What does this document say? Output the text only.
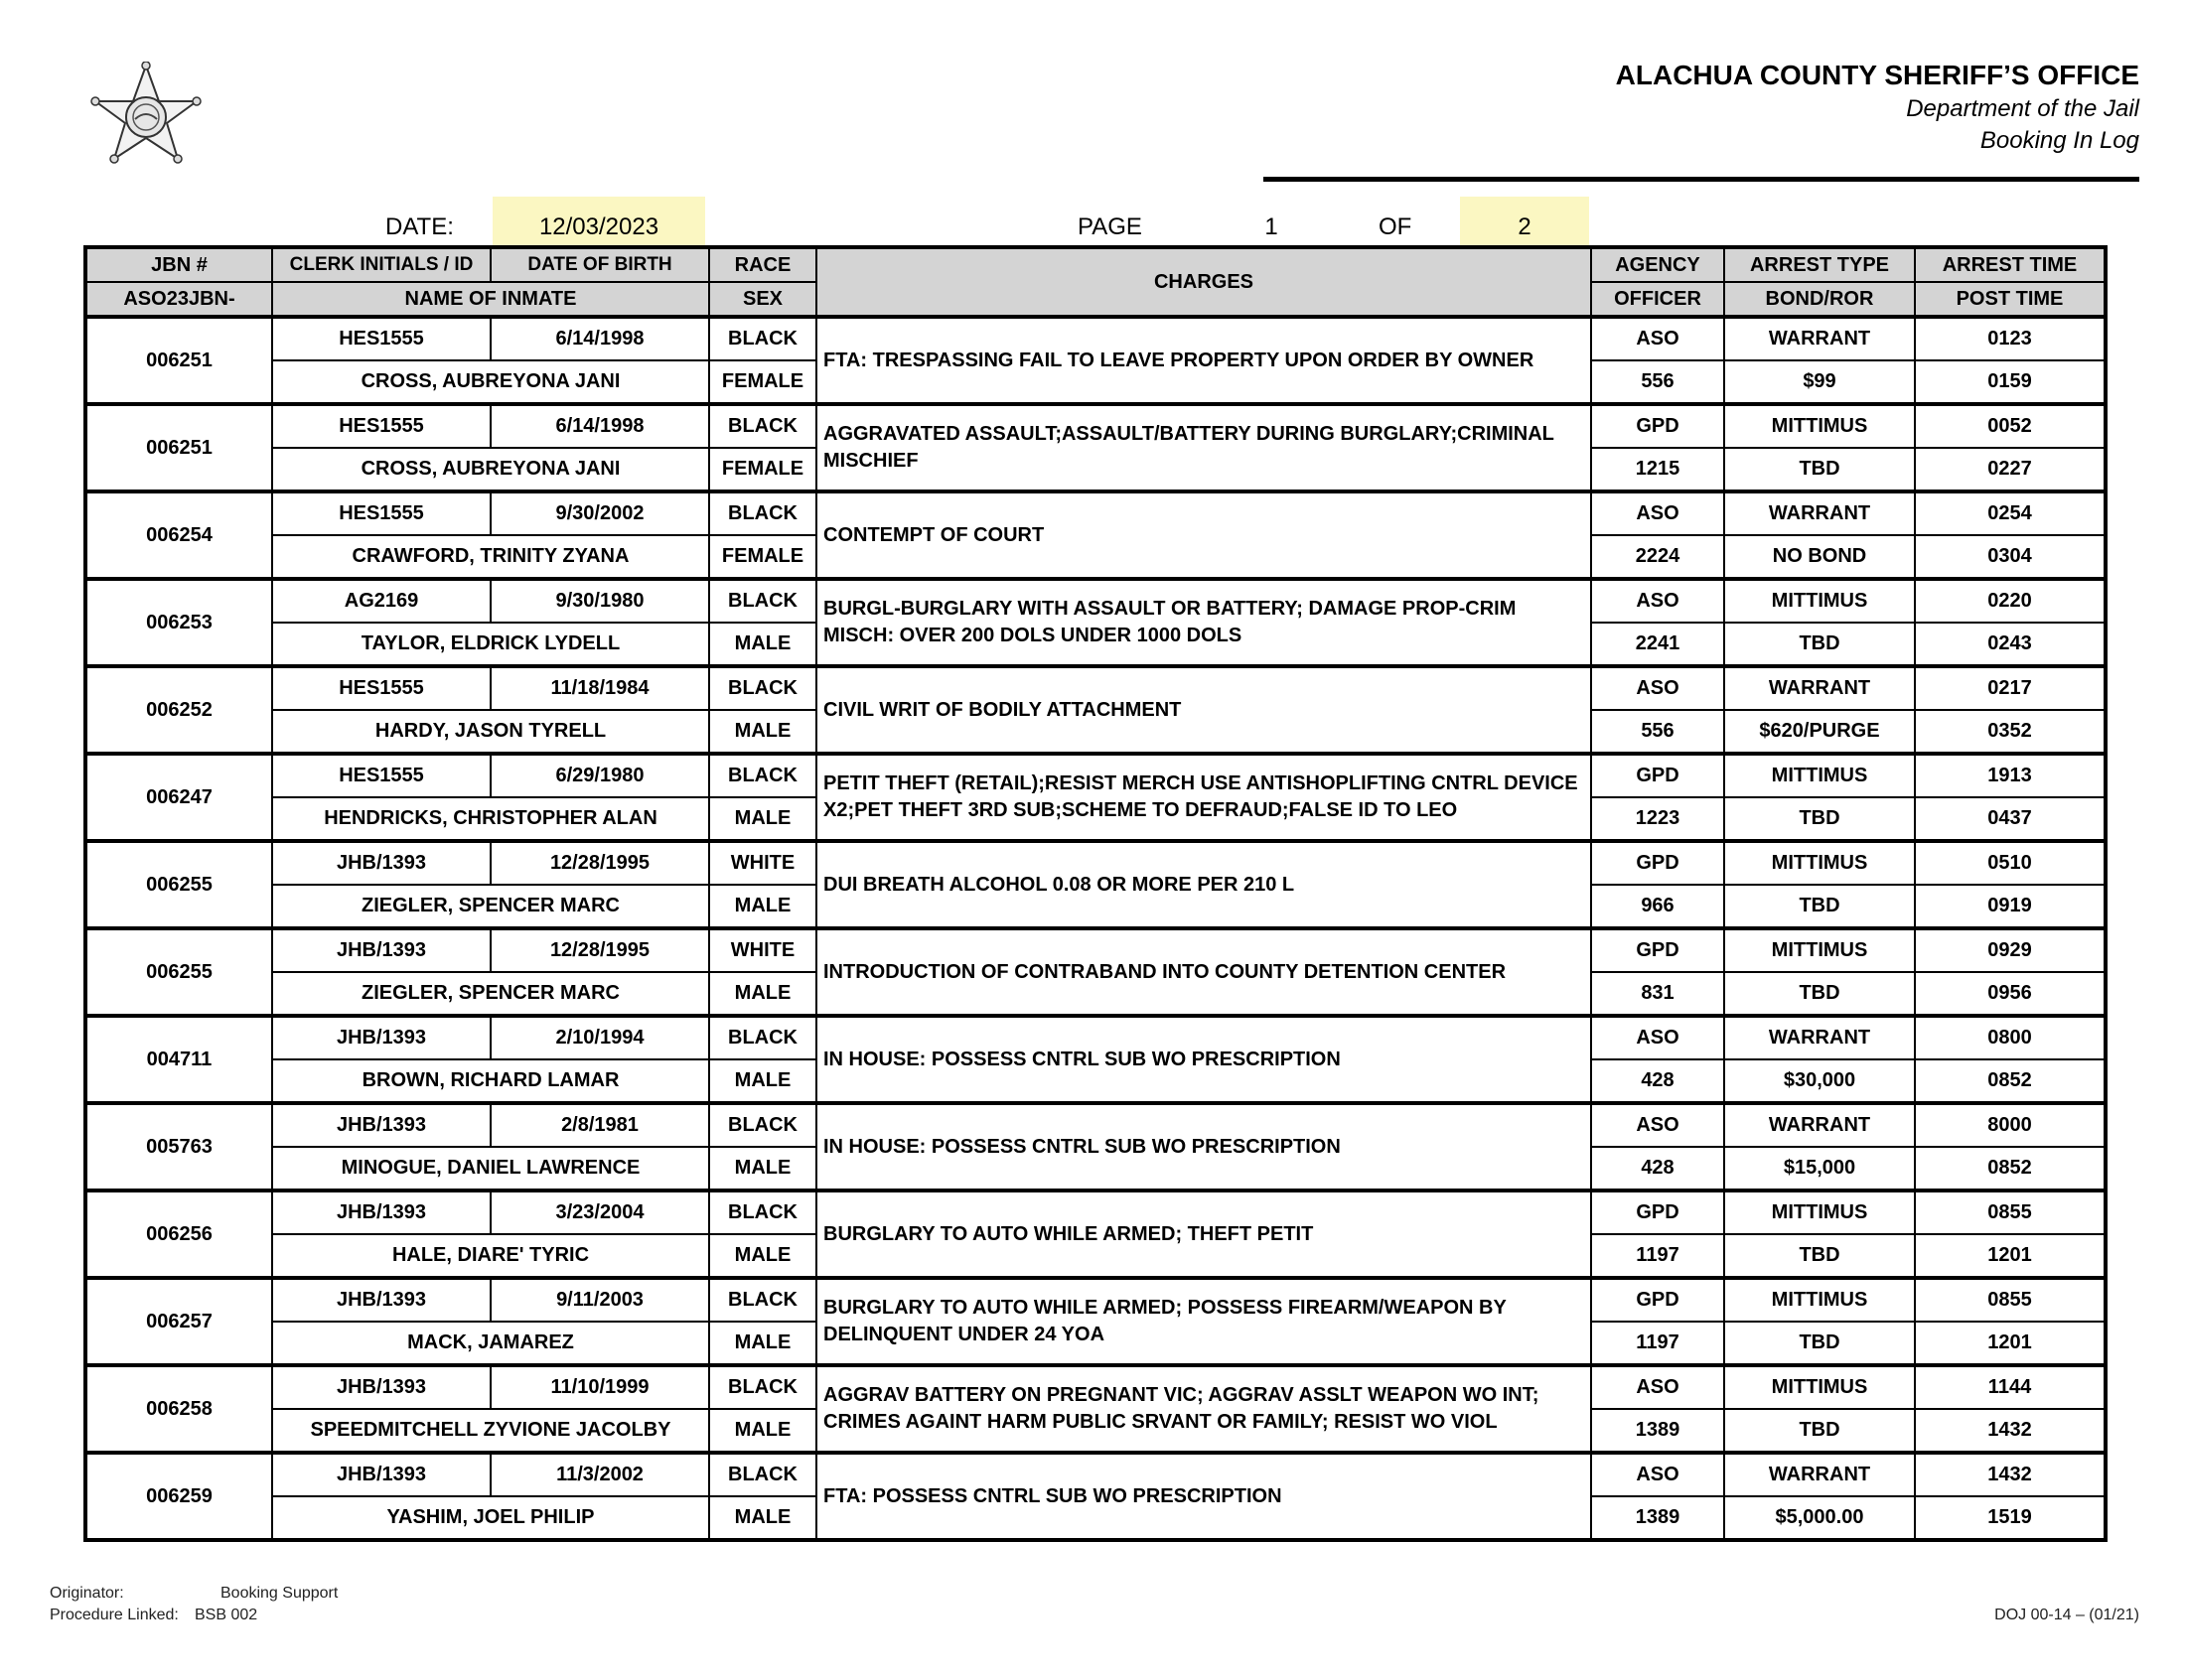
ALACHUA COUNTY SHERIFF’S OFFICE
Department of the Jail
Booking In Log
DATE:	12/03/2023	PAGE	1	OF	2
JBN #	CLERK INITIALS / ID	DATE OF BIRTH	RACE	CHARGES	AGENCY	ARREST TYPE	ARREST TIME
ASO23JBN-	NAME OF INMATE		SEX		OFFICER	BOND/ROR	POST TIME
006251	HES1555	6/14/1998	BLACK	FTA: TRESPASSING FAIL TO LEAVE PROPERTY UPON ORDER BY OWNER	ASO	WARRANT	0123
	CROSS, AUBREYONA JANI		FEMALE		556	$99	0159
006251	HES1555	6/14/1998	BLACK	AGGRAVATED ASSAULT;ASSAULT/BATTERY DURING BURGLARY;CRIMINAL MISCHIEF	GPD	MITTIMUS	0052
	CROSS, AUBREYONA JANI		FEMALE		1215	TBD	0227
006254	HES1555	9/30/2002	BLACK	CONTEMPT OF COURT	ASO	WARRANT	0254
	CRAWFORD, TRINITY ZYANA		FEMALE		2224	NO BOND	0304
006253	AG2169	9/30/1980	BLACK	BURGL-BURGLARY WITH ASSAULT OR BATTERY; DAMAGE PROP-CRIM MISCH: OVER 200 DOLS UNDER 1000 DOLS	ASO	MITTIMUS	0220
	TAYLOR, ELDRICK LYDELL		MALE		2241	TBD	0243
006252	HES1555	11/18/1984	BLACK	CIVIL WRIT OF BODILY ATTACHMENT	ASO	WARRANT	0217
	HARDY, JASON TYRELL		MALE		556	$620/PURGE	0352
006247	HES1555	6/29/1980	BLACK	PETIT THEFT (RETAIL);RESIST MERCH USE ANTISHOPLIFTING CNTRL DEVICE X2;PET THEFT 3RD SUB;SCHEME TO DEFRAUD;FALSE ID TO LEO	GPD	MITTIMUS	1913
	HENDRICKS, CHRISTOPHER ALAN		MALE		1223	TBD	0437
006255	JHB/1393	12/28/1995	WHITE	DUI BREATH ALCOHOL 0.08 OR MORE PER 210 L	GPD	MITTIMUS	0510
	ZIEGLER, SPENCER MARC		MALE		966	TBD	0919
006255	JHB/1393	12/28/1995	WHITE	INTRODUCTION OF CONTRABAND INTO COUNTY DETENTION CENTER	GPD	MITTIMUS	0929
	ZIEGLER, SPENCER MARC		MALE		831	TBD	0956
004711	JHB/1393	2/10/1994	BLACK	IN HOUSE: POSSESS CNTRL SUB WO PRESCRIPTION	ASO	WARRANT	0800
	BROWN, RICHARD LAMAR		MALE		428	$30,000	0852
005763	JHB/1393	2/8/1981	BLACK	IN HOUSE: POSSESS CNTRL SUB WO PRESCRIPTION	ASO	WARRANT	8000
	MINOGUE, DANIEL LAWRENCE		MALE		428	$15,000	0852
006256	JHB/1393	3/23/2004	BLACK	BURGLARY TO AUTO WHILE ARMED; THEFT PETIT	GPD	MITTIMUS	0855
	HALE, DIARE' TYRIC		MALE		1197	TBD	1201
006257	JHB/1393	9/11/2003	BLACK	BURGLARY TO AUTO WHILE ARMED; POSSESS FIREARM/WEAPON BY DELINQUENT UNDER 24 YOA	GPD	MITTIMUS	0855
	MACK, JAMAREZ		MALE		1197	TBD	1201
006258	JHB/1393	11/10/1999	BLACK	AGGRAV BATTERY ON PREGNANT VIC; AGGRAV ASSLT WEAPON WO INT; CRIMES AGAINT HARM PUBLIC SRVANT OR FAMILY; RESIST WO VIOL	ASO	MITTIMUS	1144
	SPEEDMITCHELL ZYVIONE JACOLBY		MALE		1389	TBD	1432
006259	JHB/1393	11/3/2002	BLACK	FTA: POSSESS CNTRL SUB WO PRESCRIPTION	ASO	WARRANT	1432
	YASHIM, JOEL PHILIP		MALE		1389	$5,000.00	1519
Originator:	Booking Support
Procedure Linked: BSB 002	DOJ 00-14 – (01/21)
